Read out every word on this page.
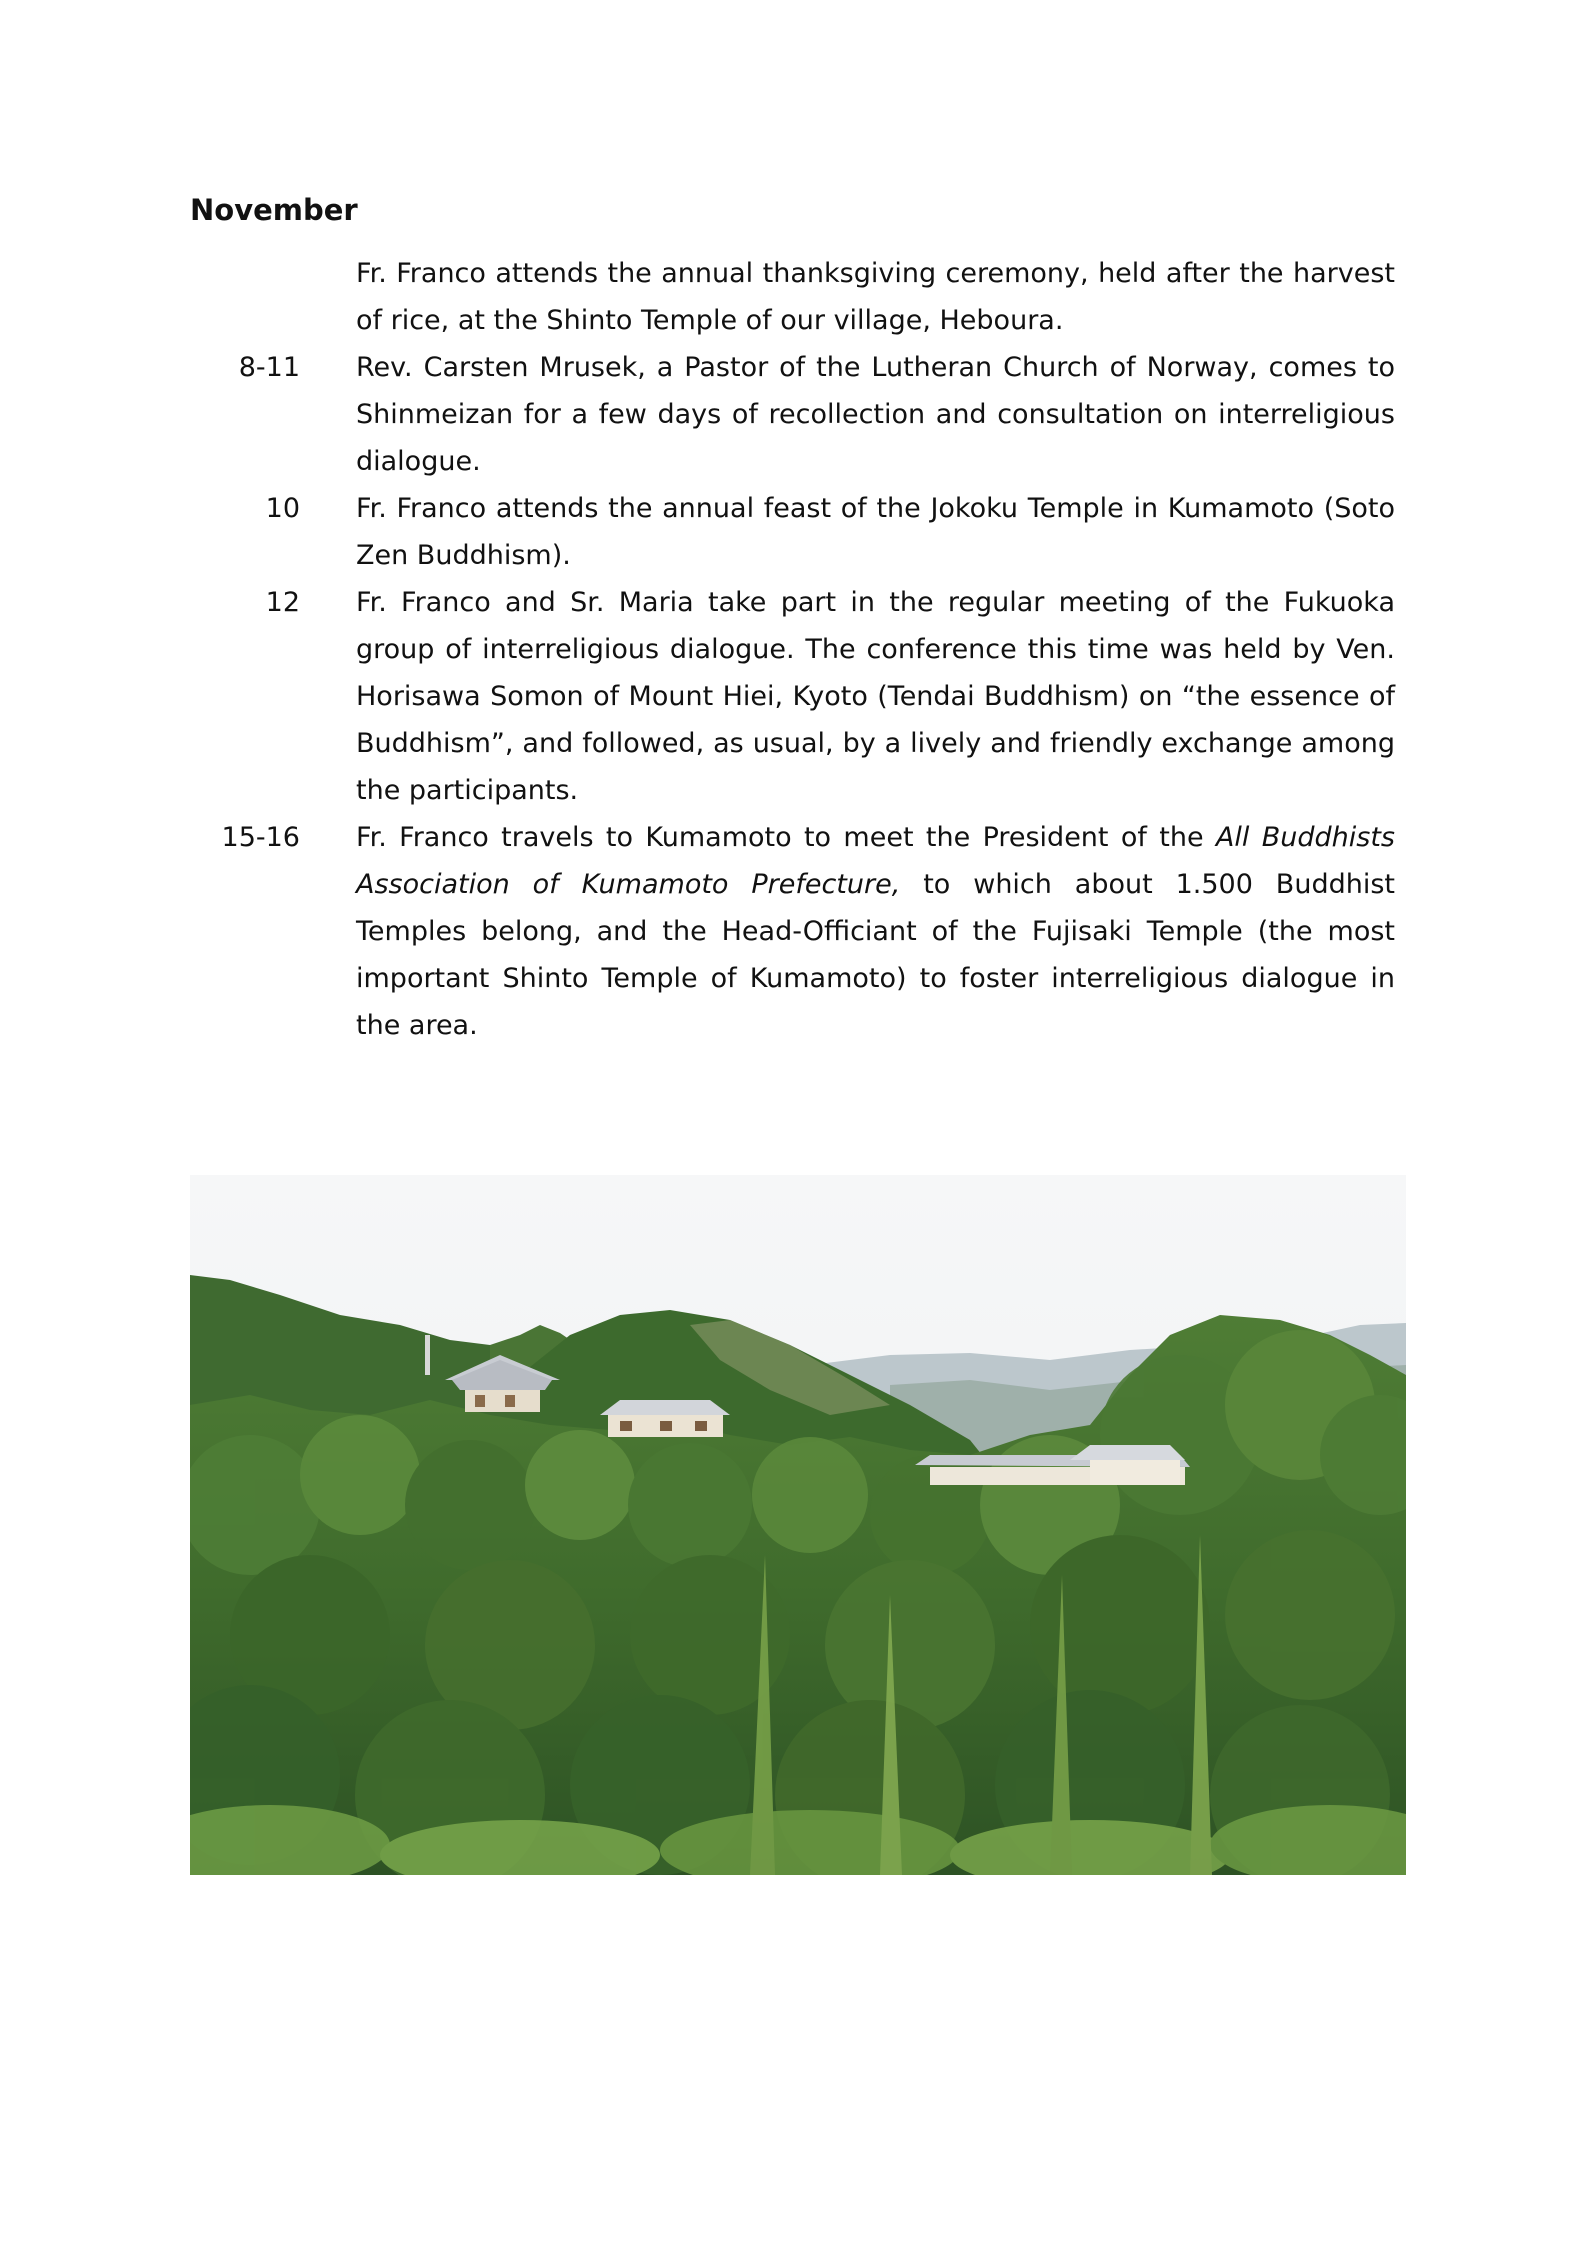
November
Fr. Franco attends the annual thanksgiving ceremony, held after the harvest of rice, at the Shinto Temple of our village, Heboura.
8-11	Rev. Carsten Mrusek, a Pastor of the Lutheran Church of Norway, comes to Shinmeizan for a few days of recollection and consultation on interreligious dialogue.
10	Fr. Franco attends the annual feast of the Jokoku Temple in Kumamoto (Soto Zen Buddhism).
12	Fr. Franco and Sr. Maria take part in the regular meeting of the Fukuoka group of interreligious dialogue. The conference this time was held by Ven. Horisawa Somon of Mount Hiei, Kyoto (Tendai Buddhism) on “the essence of Buddhism”, and followed, as usual, by a lively and friendly exchange among the participants.
15-16	Fr. Franco travels to Kumamoto to meet the President of the All Buddhists Association of Kumamoto Prefecture, to which about 1.500 Buddhist Temples belong, and the Head-Officiant of the Fujisaki Temple (the most important Shinto Temple of Kumamoto) to foster interreligious dialogue in the area.
